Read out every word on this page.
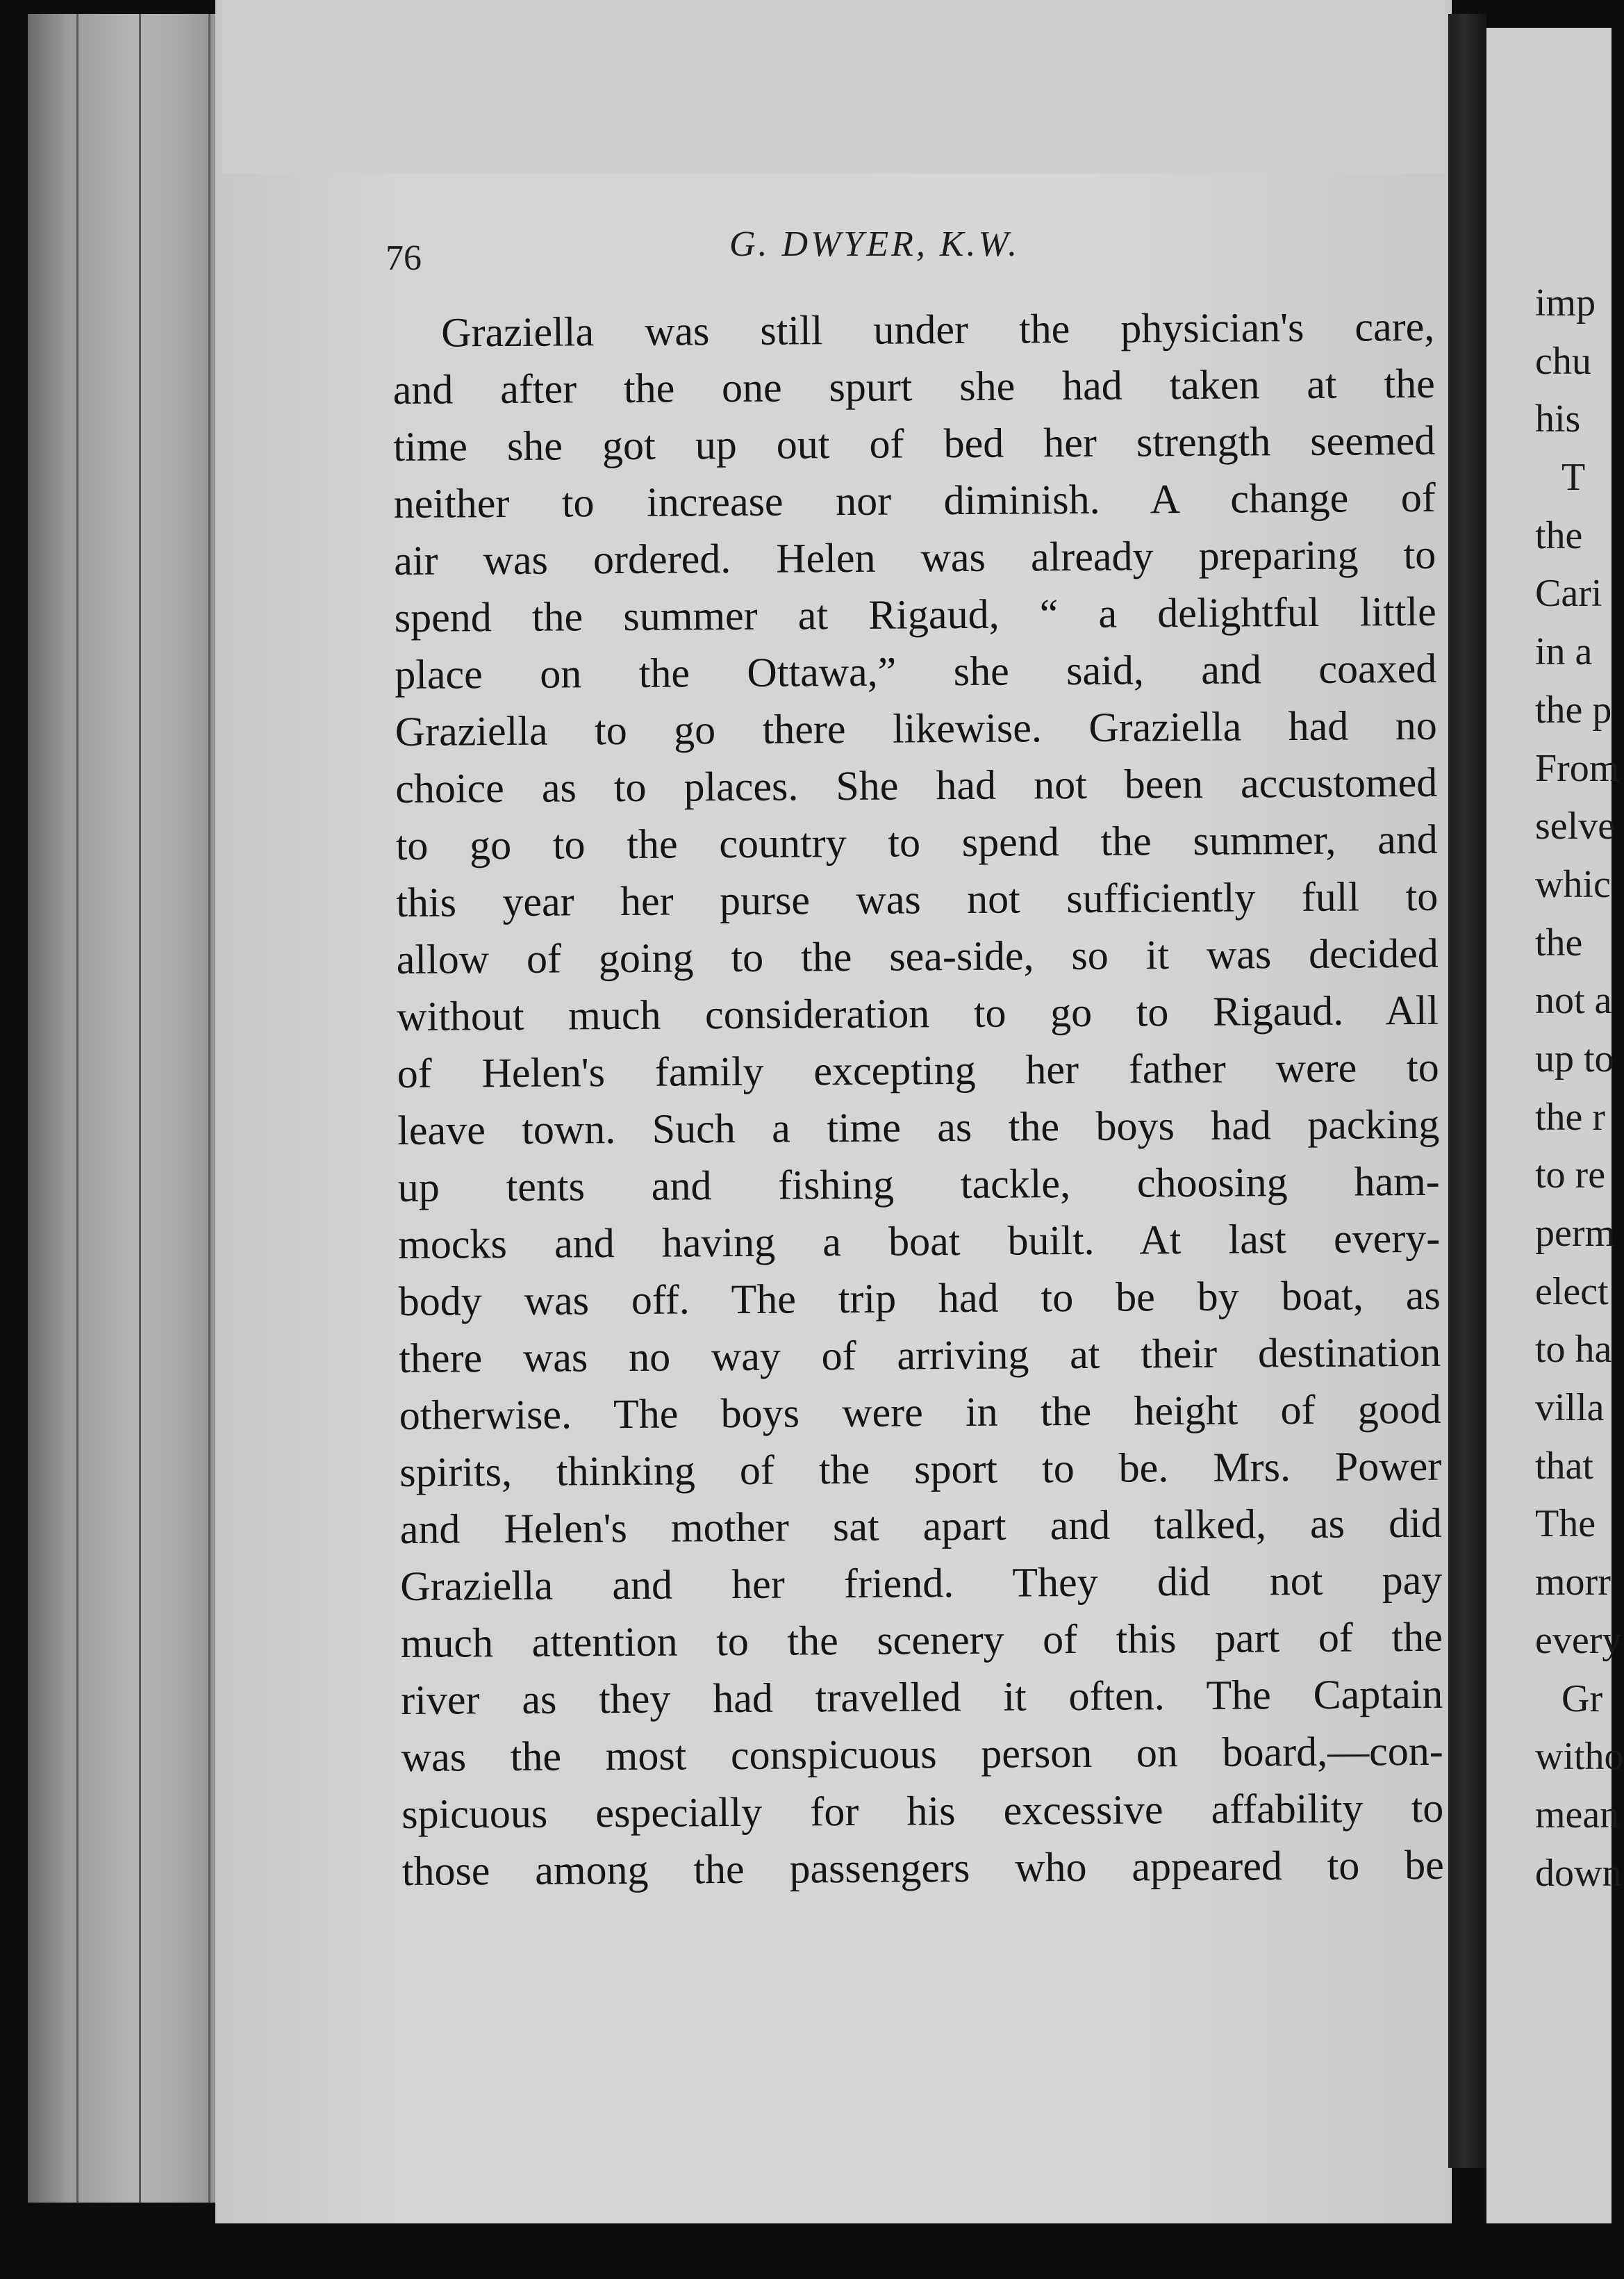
76	G. DWYER, K.W.
Graziella was still under the physician's care,
and after the one spurt she had taken at the
time she got up out of bed her strength seemed
neither to increase nor diminish. A change of
air was ordered. Helen was already preparing to
spend the summer at Rigaud, “ a delightful little
place on the Ottawa,” she said, and coaxed
Graziella to go there likewise. Graziella had no
choice as to places. She had not been accustomed
to go to the country to spend the summer, and
this year her purse was not sufficiently full to
allow of going to the sea-side, so it was decided
without much consideration to go to Rigaud. All
of Helen's family excepting her father were to
leave town. Such a time as the boys had packing
up tents and fishing tackle, choosing ham-
mocks and having a boat built. At last every-
body was off. The trip had to be by boat, as
there was no way of arriving at their destination
otherwise. The boys were in the height of good
spirits, thinking of the sport to be. Mrs. Power
and Helen's mother sat apart and talked, as did
Graziella and her friend. They did not pay
much attention to the scenery of this part of the
river as they had travelled it often. The Captain
was the most conspicuous person on board,—con-
spicuous especially for his excessive affability to
those among the passengers who appeared to be
imp
chu
his
T
the
Cari
in a
the p
From
selve
whic
the
not a
up to
the r
to re
perm
elect
to ha
villa
that
The
morr
every
Gr
witho
mean
down
